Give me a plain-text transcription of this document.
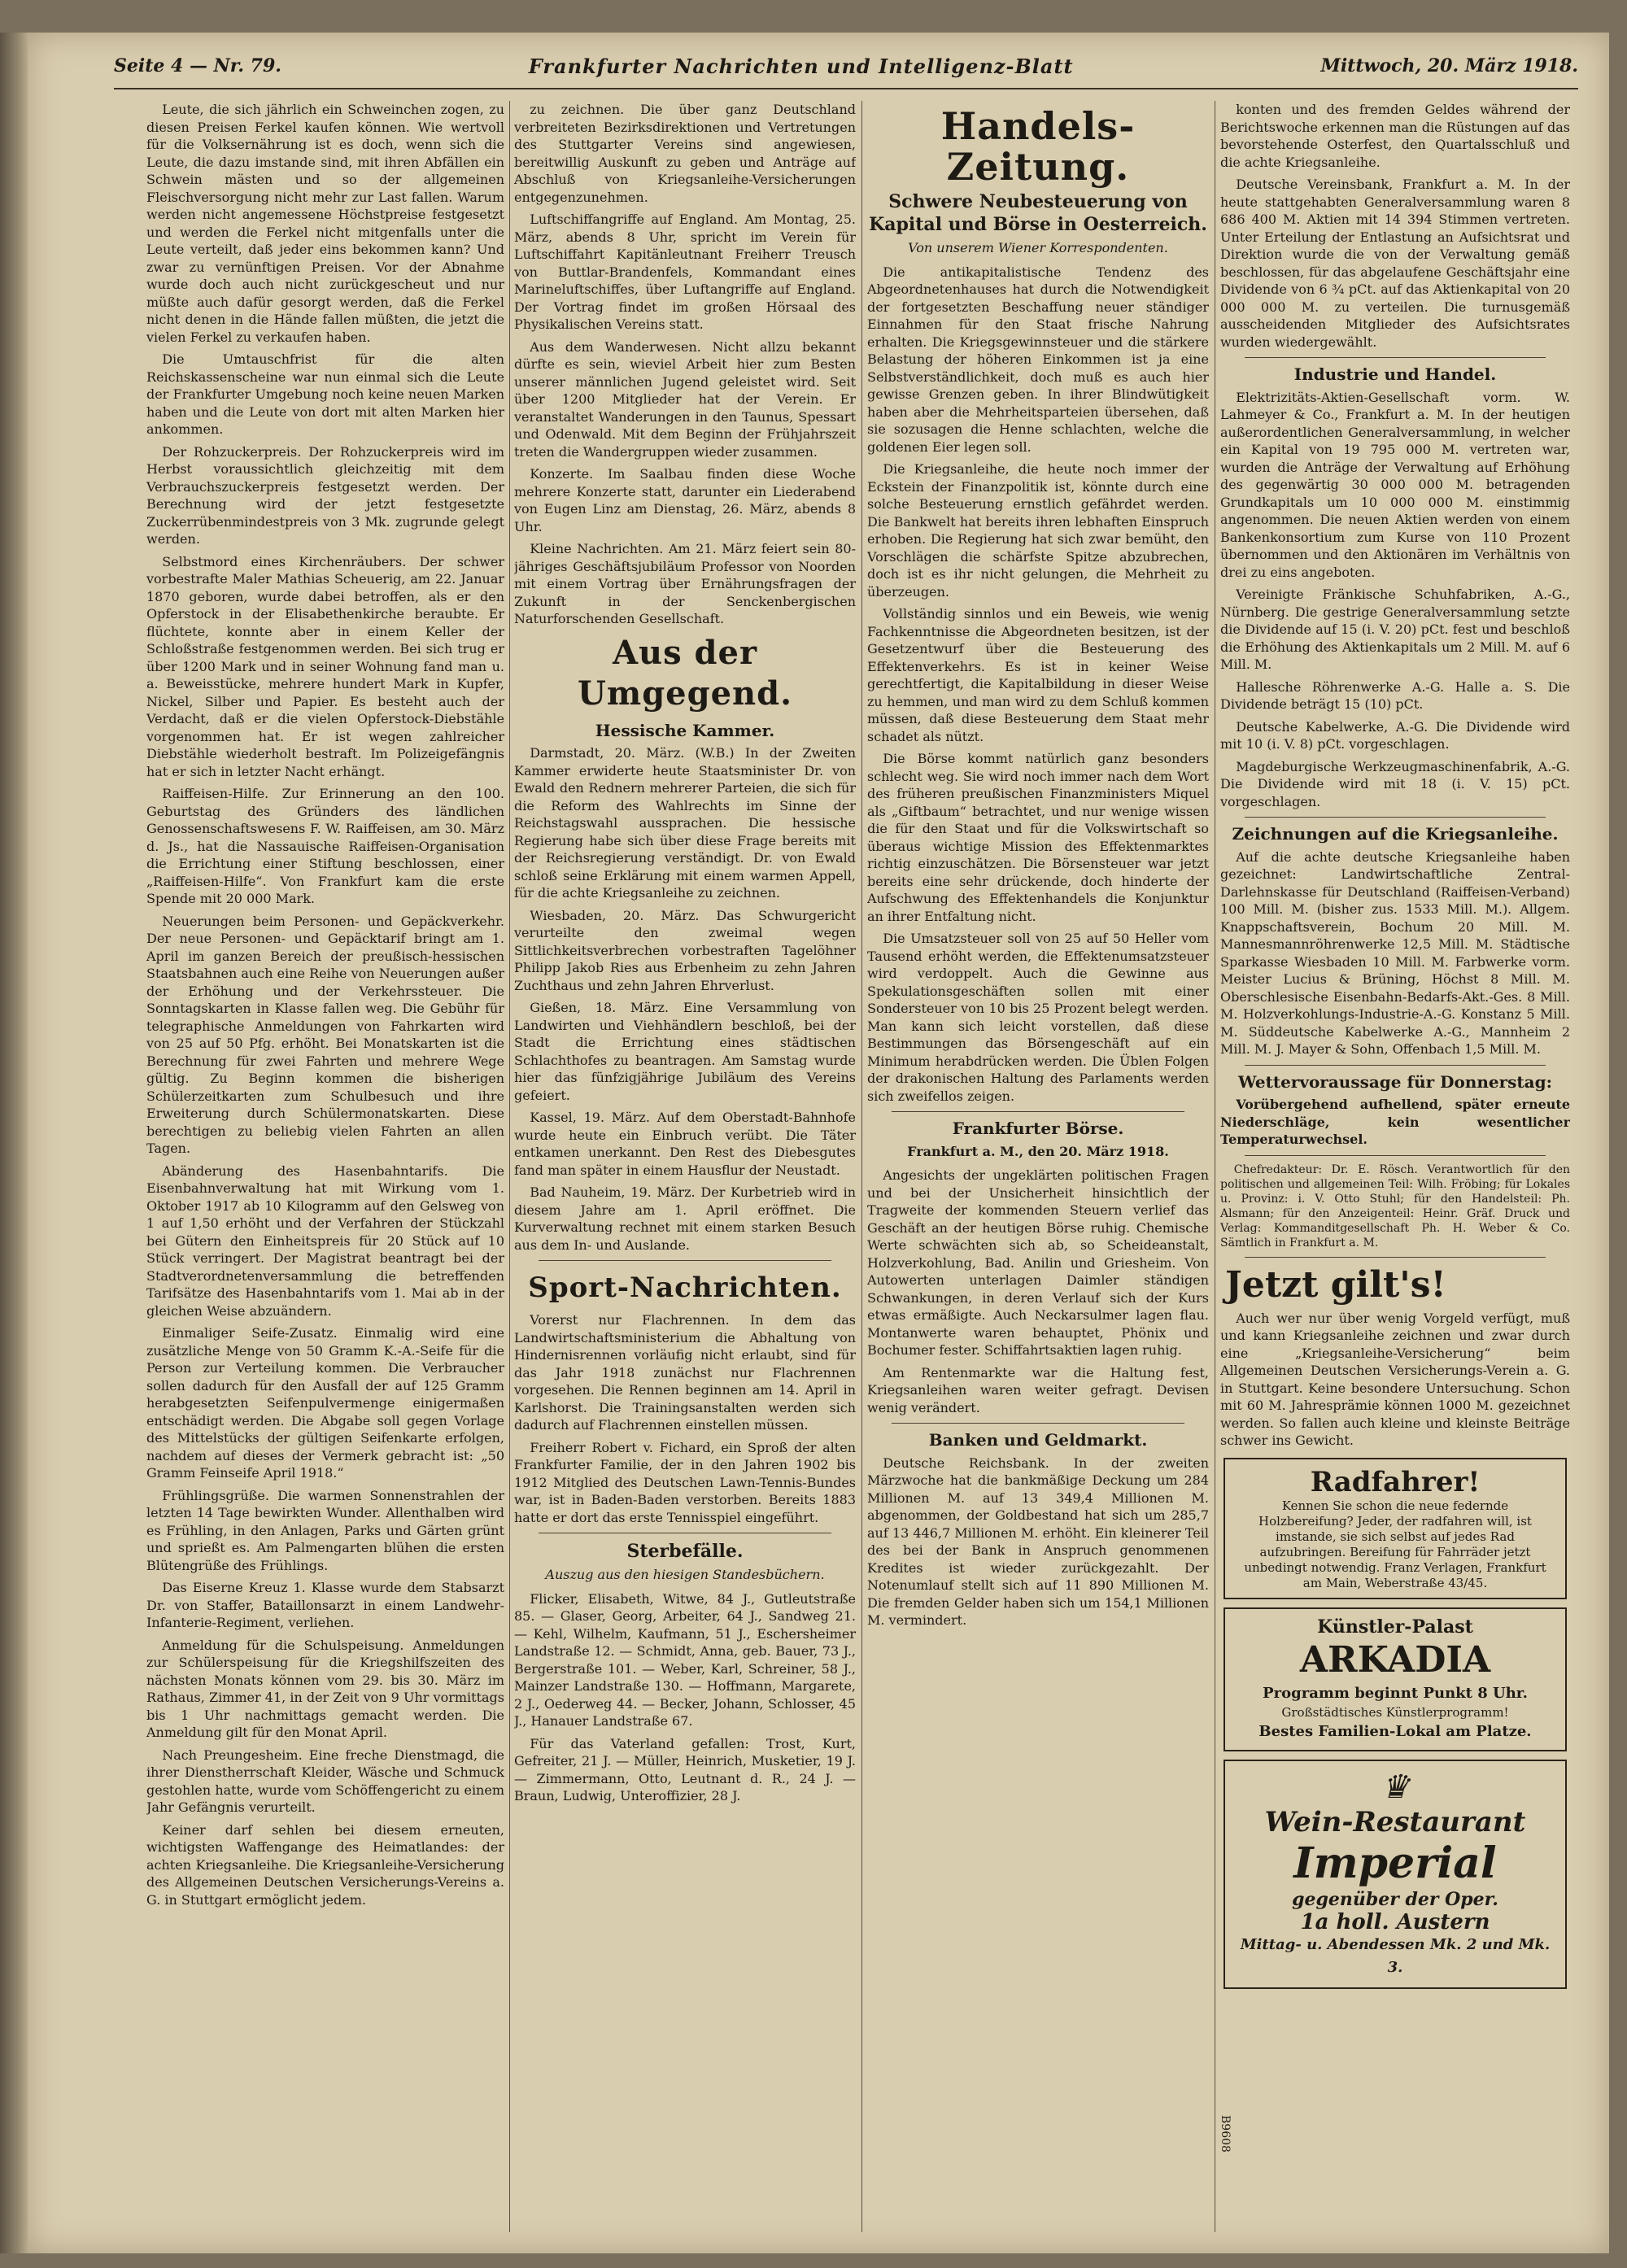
Seite 4 — Nr. 79.	Frankfurter Nachrichten und Intelligenz-Blatt	Mittwoch, 20. März 1918.

Leute, die sich jährlich ein Schweinchen zogen, zu diesen Preisen Ferkel kaufen können. Wie wertvoll für die Volksernährung ist es doch, wenn sich die Leute, die dazu imstande sind, mit ihren Abfällen ein Schwein mästen und so der allgemeinen Fleischversorgung nicht mehr zur Last fallen. Warum werden nicht angemessene Höchstpreise festgesetzt und werden die Ferkel nicht mitgenfalls unter die Leute verteilt, daß jeder eins bekommen kann? Und zwar zu vernünftigen Preisen. Vor der Abnahme wurde doch auch nicht zurückgescheut und nur müßte auch dafür gesorgt werden, daß die Ferkel nicht denen in die Hände fallen müßten, die jetzt die vielen Ferkel zu verkaufen haben.

Die Umtauschfrist für die alten Reichskassenscheine war nun einmal sich die Leute der Frankfurter Umgebung noch keine neuen Marken haben und die Leute von dort mit alten Marken hier ankommen.

Der Rohzuckerpreis. Der Rohzuckerpreis wird im Herbst voraussichtlich gleichzeitig mit dem Verbrauchszuckerpreis festgesetzt werden. Der Berechnung wird der jetzt festgesetzte Zuckerrübenmindestpreis von 3 Mk. zugrunde gelegt werden.

Selbstmord eines Kirchenräubers. Der schwer vorbestrafte Maler Mathias Scheuerig, am 22. Januar 1870 geboren, wurde dabei betroffen, als er den Opferstock in der Elisabethenkirche beraubte. Er flüchtete, konnte aber in einem Keller der Schloßstraße festgenommen werden. Bei sich trug er über 1200 Mark und in seiner Wohnung fand man u. a. Beweisstücke, mehrere hundert Mark in Kupfer, Nickel, Silber und Papier. Es besteht auch der Verdacht, daß er die vielen Opferstock-Diebstähle vorgenommen hat. Er ist wegen zahlreicher Diebstähle wiederholt bestraft. Im Polizeigefängnis hat er sich in letzter Nacht erhängt.

Raiffeisen-Hilfe. Zur Erinnerung an den 100. Geburtstag des Gründers des ländlichen Genossenschaftswesens F. W. Raiffeisen, am 30. März d. Js., hat die Nassauische Raiffeisen-Organisation die Errichtung einer Stiftung beschlossen, einer „Raiffeisen-Hilfe“. Von Frankfurt kam die erste Spende mit 20 000 Mark.

Neuerungen beim Personen- und Gepäckverkehr. Der neue Personen- und Gepäcktarif bringt am 1. April im ganzen Bereich der preußisch-hessischen Staatsbahnen auch eine Reihe von Neuerungen außer der Erhöhung und der Verkehrssteuer. Die Sonntagskarten in Klasse fallen weg. Die Gebühr für telegraphische Anmeldungen von Fahrkarten wird von 25 auf 50 Pfg. erhöht. Bei Monatskarten ist die Berechnung für zwei Fahrten und mehrere Wege gültig. Zu Beginn kommen die bisherigen Schülerzeitkarten zum Schulbesuch und ihre Erweiterung durch Schülermonatskarten. Diese berechtigen zu beliebig vielen Fahrten an allen Tagen.

Abänderung des Hasenbahntarifs. Die Eisenbahnverwaltung hat mit Wirkung vom 1. Oktober 1917 ab 10 Kilogramm auf den Gelsweg von 1 auf 1,50 erhöht und der Verfahren der Stückzahl bei Gütern den Einheitspreis für 20 Stück auf 10 Stück verringert. Der Magistrat beantragt bei der Stadtverordnetenversammlung die betreffenden Tarifsätze des Hasenbahntarifs vom 1. Mai ab in der gleichen Weise abzuändern.

Einmaliger Seife-Zusatz. Einmalig wird eine zusätzliche Menge von 50 Gramm K.-A.-Seife für die Person zur Verteilung kommen. Die Verbraucher sollen dadurch für den Ausfall der auf 125 Gramm herabgesetzten Seifenpulvermenge einigermaßen entschädigt werden. Die Abgabe soll gegen Vorlage des Mittelstücks der gültigen Seifenkarte erfolgen, nachdem auf dieses der Vermerk gebracht ist: „50 Gramm Feinseife April 1918.“

Frühlingsgrüße. Die warmen Sonnenstrahlen der letzten 14 Tage bewirkten Wunder. Allenthalben wird es Frühling, in den Anlagen, Parks und Gärten grünt und sprießt es. Am Palmengarten blühen die ersten Blütengrüße des Frühlings.

Das Eiserne Kreuz 1. Klasse wurde dem Stabsarzt Dr. von Staffer, Bataillonsarzt in einem Landwehr-Infanterie-Regiment, verliehen.

Anmeldung für die Schulspeisung. Anmeldungen zur Schülerspeisung für die Kriegshilfszeiten des nächsten Monats können vom 29. bis 30. März im Rathaus, Zimmer 41, in der Zeit von 9 Uhr vormittags bis 1 Uhr nachmittags gemacht werden. Die Anmeldung gilt für den Monat April.

Nach Preungesheim. Eine freche Dienstmagd, die ihrer Dienstherrschaft Kleider, Wäsche und Schmuck gestohlen hatte, wurde vom Schöffengericht zu einem Jahr Gefängnis verurteilt.

Keiner darf sehlen bei diesem erneuten, wichtigsten Waffengange des Heimatlandes: der achten Kriegsanleihe. Die Kriegsanleihe-Versicherung des Allgemeinen Deutschen Versicherungs-Vereins a. G. in Stuttgart ermöglicht jedem.

zu zeichnen. Die über ganz Deutschland verbreiteten Bezirksdirektionen und Vertretungen des Stuttgarter Vereins sind angewiesen, bereitwillig Auskunft zu geben und Anträge auf Abschluß von Kriegsanleihe-Versicherungen entgegenzunehmen.

Luftschiffangriffe auf England. Am Montag, 25. März, abends 8 Uhr, spricht im Verein für Luftschiffahrt Kapitänleutnant Freiherr Treusch von Buttlar-Brandenfels, Kommandant eines Marineluftschiffes, über Luftangriffe auf England. Der Vortrag findet im großen Hörsaal des Physikalischen Vereins statt.

Aus dem Wanderwesen. Nicht allzu bekannt dürfte es sein, wieviel Arbeit hier zum Besten unserer männlichen Jugend geleistet wird. Seit über 1200 Mitglieder hat der Verein. Er veranstaltet Wanderungen in den Taunus, Spessart und Odenwald. Mit dem Beginn der Frühjahrszeit treten die Wandergruppen wieder zusammen.

Konzerte. Im Saalbau finden diese Woche mehrere Konzerte statt, darunter ein Liederabend von Eugen Linz am Dienstag, 26. März, abends 8 Uhr.

Kleine Nachrichten. Am 21. März feiert sein 80-jähriges Geschäftsjubiläum Professor von Noorden mit einem Vortrag über Ernährungsfragen der Zukunft in der Senckenbergischen Naturforschenden Gesellschaft.

Aus der Umgegend.
Hessische Kammer.

Darmstadt, 20. März. (W.B.) In der Zweiten Kammer erwiderte heute Staatsminister Dr. von Ewald den Rednern mehrerer Parteien, die sich für die Reform des Wahlrechts im Sinne der Reichstagswahl aussprachen. Die hessische Regierung habe sich über diese Frage bereits mit der Reichsregierung verständigt. Dr. von Ewald schloß seine Erklärung mit einem warmen Appell, für die achte Kriegsanleihe zu zeichnen.

Wiesbaden, 20. März. Das Schwurgericht verurteilte den zweimal wegen Sittlichkeitsverbrechen vorbestraften Tagelöhner Philipp Jakob Ries aus Erbenheim zu zehn Jahren Zuchthaus und zehn Jahren Ehrverlust.

Gießen, 18. März. Eine Versammlung von Landwirten und Viehhändlern beschloß, bei der Stadt die Errichtung eines städtischen Schlachthofes zu beantragen. Am Samstag wurde hier das fünfzigjährige Jubiläum des Vereins gefeiert.

Kassel, 19. März. Auf dem Oberstadt-Bahnhofe wurde heute ein Einbruch verübt. Die Täter entkamen unerkannt. Den Rest des Diebesgutes fand man später in einem Hausflur der Neustadt.

Bad Nauheim, 19. März. Der Kurbetrieb wird in diesem Jahre am 1. April eröffnet. Die Kurverwaltung rechnet mit einem starken Besuch aus dem In- und Auslande.

Sport-Nachrichten.

Vorerst nur Flachrennen. In dem das Landwirtschaftsministerium die Abhaltung von Hindernisrennen vorläufig nicht erlaubt, sind für das Jahr 1918 zunächst nur Flachrennen vorgesehen. Die Rennen beginnen am 14. April in Karlshorst. Die Trainingsanstalten werden sich dadurch auf Flachrennen einstellen müssen.

Freiherr Robert v. Fichard, ein Sproß der alten Frankfurter Familie, der in den Jahren 1902 bis 1912 Mitglied des Deutschen Lawn-Tennis-Bundes war, ist in Baden-Baden verstorben. Bereits 1883 hatte er dort das erste Tennisspiel eingeführt.

Sterbefälle.
Auszug aus den hiesigen Standesbüchern.

Flicker, Elisabeth, Witwe, 84 J., Gutleutstraße 85. — Glaser, Georg, Arbeiter, 64 J., Sandweg 21. — Kehl, Wilhelm, Kaufmann, 51 J., Eschersheimer Landstraße 12. — Schmidt, Anna, geb. Bauer, 73 J., Bergerstraße 101. — Weber, Karl, Schreiner, 58 J., Mainzer Landstraße 130. — Hoffmann, Margarete, 2 J., Oederweg 44. — Becker, Johann, Schlosser, 45 J., Hanauer Landstraße 67.

Für das Vaterland gefallen: Trost, Kurt, Gefreiter, 21 J. — Müller, Heinrich, Musketier, 19 J. — Zimmermann, Otto, Leutnant d. R., 24 J. — Braun, Ludwig, Unteroffizier, 28 J.

Handels-Zeitung.
Schwere Neubesteuerung von Kapital und Börse in Oesterreich.
Von unserem Wiener Korrespondenten.

Die antikapitalistische Tendenz des Abgeordnetenhauses hat durch die Notwendigkeit der fortgesetzten Beschaffung neuer ständiger Einnahmen für den Staat frische Nahrung erhalten. Die Kriegsgewinnsteuer und die stärkere Belastung der höheren Einkommen ist ja eine Selbstverständlichkeit, doch muß es auch hier gewisse Grenzen geben. In ihrer Blindwütigkeit haben aber die Mehrheitsparteien übersehen, daß sie sozusagen die Henne schlachten, welche die goldenen Eier legen soll.

Die Kriegsanleihe, die heute noch immer der Eckstein der Finanzpolitik ist, könnte durch eine solche Besteuerung ernstlich gefährdet werden. Die Bankwelt hat bereits ihren lebhaften Einspruch erhoben. Die Regierung hat sich zwar bemüht, den Vorschlägen die schärfste Spitze abzubrechen, doch ist es ihr nicht gelungen, die Mehrheit zu überzeugen.

Vollständig sinnlos und ein Beweis, wie wenig Fachkenntnisse die Abgeordneten besitzen, ist der Gesetzentwurf über die Besteuerung des Effektenverkehrs. Es ist in keiner Weise gerechtfertigt, die Kapitalbildung in dieser Weise zu hemmen, und man wird zu dem Schluß kommen müssen, daß diese Besteuerung dem Staat mehr schadet als nützt.

Die Börse kommt natürlich ganz besonders schlecht weg. Sie wird noch immer nach dem Wort des früheren preußischen Finanzministers Miquel als „Giftbaum“ betrachtet, und nur wenige wissen die für den Staat und für die Volkswirtschaft so überaus wichtige Mission des Effektenmarktes richtig einzuschätzen. Die Börsensteuer war jetzt bereits eine sehr drückende, doch hinderte der Aufschwung des Effektenhandels die Konjunktur an ihrer Entfaltung nicht.

Die Umsatzsteuer soll von 25 auf 50 Heller vom Tausend erhöht werden, die Effektenumsatzsteuer wird verdoppelt. Auch die Gewinne aus Spekulationsgeschäften sollen mit einer Sondersteuer von 10 bis 25 Prozent belegt werden. Man kann sich leicht vorstellen, daß diese Bestimmungen das Börsengeschäft auf ein Minimum herabdrücken werden. Die Üblen Folgen der drakonischen Haltung des Parlaments werden sich zweifellos zeigen.

Frankfurter Börse.
Frankfurt a. M., den 20. März 1918.

Angesichts der ungeklärten politischen Fragen und bei der Unsicherheit hinsichtlich der Tragweite der kommenden Steuern verlief das Geschäft an der heutigen Börse ruhig. Chemische Werte schwächten sich ab, so Scheideanstalt, Holzverkohlung, Bad. Anilin und Griesheim. Von Autowerten unterlagen Daimler ständigen Schwankungen, in deren Verlauf sich der Kurs etwas ermäßigte. Auch Neckarsulmer lagen flau. Montanwerte waren behauptet, Phönix und Bochumer fester. Schiffahrtsaktien lagen ruhig.

Am Rentenmarkte war die Haltung fest, Kriegsanleihen waren weiter gefragt. Devisen wenig verändert.

Banken und Geldmarkt.

Deutsche Reichsbank. In der zweiten Märzwoche hat die bankmäßige Deckung um 284 Millionen M. auf 13 349,4 Millionen M. abgenommen, der Goldbestand hat sich um 285,7 auf 13 446,7 Millionen M. erhöht. Ein kleinerer Teil des bei der Bank in Anspruch genommenen Kredites ist wieder zurückgezahlt. Der Notenumlauf stellt sich auf 11 890 Millionen M. Die fremden Gelder haben sich um 154,1 Millionen M. vermindert.

konten und des fremden Geldes während der Berichtswoche erkennen man die Rüstungen auf das bevorstehende Osterfest, den Quartalsschluß und die achte Kriegsanleihe.

Deutsche Vereinsbank, Frankfurt a. M. In der heute stattgehabten Generalversammlung waren 8 686 400 M. Aktien mit 14 394 Stimmen vertreten. Unter Erteilung der Entlastung an Aufsichtsrat und Direktion wurde die von der Verwaltung gemäß beschlossen, für das abgelaufene Geschäftsjahr eine Dividende von 6 ¾ pCt. auf das Aktienkapital von 20 000 000 M. zu verteilen. Die turnusgemäß ausscheidenden Mitglieder des Aufsichtsrates wurden wiedergewählt.

Industrie und Handel.

Elektrizitäts-Aktien-Gesellschaft vorm. W. Lahmeyer & Co., Frankfurt a. M. In der heutigen außerordentlichen Generalversammlung, in welcher ein Kapital von 19 795 000 M. vertreten war, wurden die Anträge der Verwaltung auf Erhöhung des gegenwärtig 30 000 000 M. betragenden Grundkapitals um 10 000 000 M. einstimmig angenommen. Die neuen Aktien werden von einem Bankenkonsortium zum Kurse von 110 Prozent übernommen und den Aktionären im Verhältnis von drei zu eins angeboten.

Vereinigte Fränkische Schuhfabriken, A.-G., Nürnberg. Die gestrige Generalversammlung setzte die Dividende auf 15 (i. V. 20) pCt. fest und beschloß die Erhöhung des Aktienkapitals um 2 Mill. M. auf 6 Mill. M.

Hallesche Röhrenwerke A.-G. Halle a. S. Die Dividende beträgt 15 (10) pCt.

Deutsche Kabelwerke, A.-G. Die Dividende wird mit 10 (i. V. 8) pCt. vorgeschlagen.

Magdeburgische Werkzeugmaschinenfabrik, A.-G. Die Dividende wird mit 18 (i. V. 15) pCt. vorgeschlagen.

Zeichnungen auf die Kriegsanleihe.

Auf die achte deutsche Kriegsanleihe haben gezeichnet: Landwirtschaftliche Zentral-Darlehnskasse für Deutschland (Raiffeisen-Verband) 100 Mill. M. (bisher zus. 1533 Mill. M.). Allgem. Knappschaftsverein, Bochum 20 Mill. M. Mannesmannröhrenwerke 12,5 Mill. M. Städtische Sparkasse Wiesbaden 10 Mill. M. Farbwerke vorm. Meister Lucius & Brüning, Höchst 8 Mill. M. Oberschlesische Eisenbahn-Bedarfs-Akt.-Ges. 8 Mill. M. Holzverkohlungs-Industrie-A.-G. Konstanz 5 Mill. M. Süddeutsche Kabelwerke A.-G., Mannheim 2 Mill. M. J. Mayer & Sohn, Offenbach 1,5 Mill. M.

Wettervoraussage für Donnerstag:

Vorübergehend aufhellend, später erneute Niederschläge, kein wesentlicher Temperaturwechsel.

Chefredakteur: Dr. E. Rösch. Verantwortlich für den politischen und allgemeinen Teil: Wilh. Fröbing; für Lokales u. Provinz: i. V. Otto Stuhl; für den Handelsteil: Ph. Alsmann; für den Anzeigenteil: Heinr. Gräf. Druck und Verlag: Kommanditgesellschaft Ph. H. Weber & Co. Sämtlich in Frankfurt a. M.

Jetzt gilt's!

Auch wer nur über wenig Vorgeld verfügt, muß und kann Kriegsanleihe zeichnen und zwar durch eine „Kriegsanleihe-Versicherung“ beim Allgemeinen Deutschen Versicherungs-Verein a. G. in Stuttgart. Keine besondere Untersuchung. Schon mit 60 M. Jahresprämie können 1000 M. gezeichnet werden. So fallen auch kleine und kleinste Beiträge schwer ins Gewicht.

Radfahrer!
Kennen Sie schon die neue federnde Holzbereifung? Jeder, der radfahren will, ist imstande, sie sich selbst auf jedes Rad aufzubringen. Bereifung für Fahrräder jetzt unbedingt notwendig. Franz Verlagen, Frankfurt am Main, Weberstraße 43/45.
Künstler-Palast
ARKADIA
Programm beginnt Punkt 8 Uhr.
Großstädtisches Künstlerprogramm!
Bestes Familien-Lokal am Platze.
♛
Wein-Restaurant
Imperial
gegenüber der Oper.
1a holl. Austern
Mittag- u. Abendessen Mk. 2 und Mk. 3.
B9608
